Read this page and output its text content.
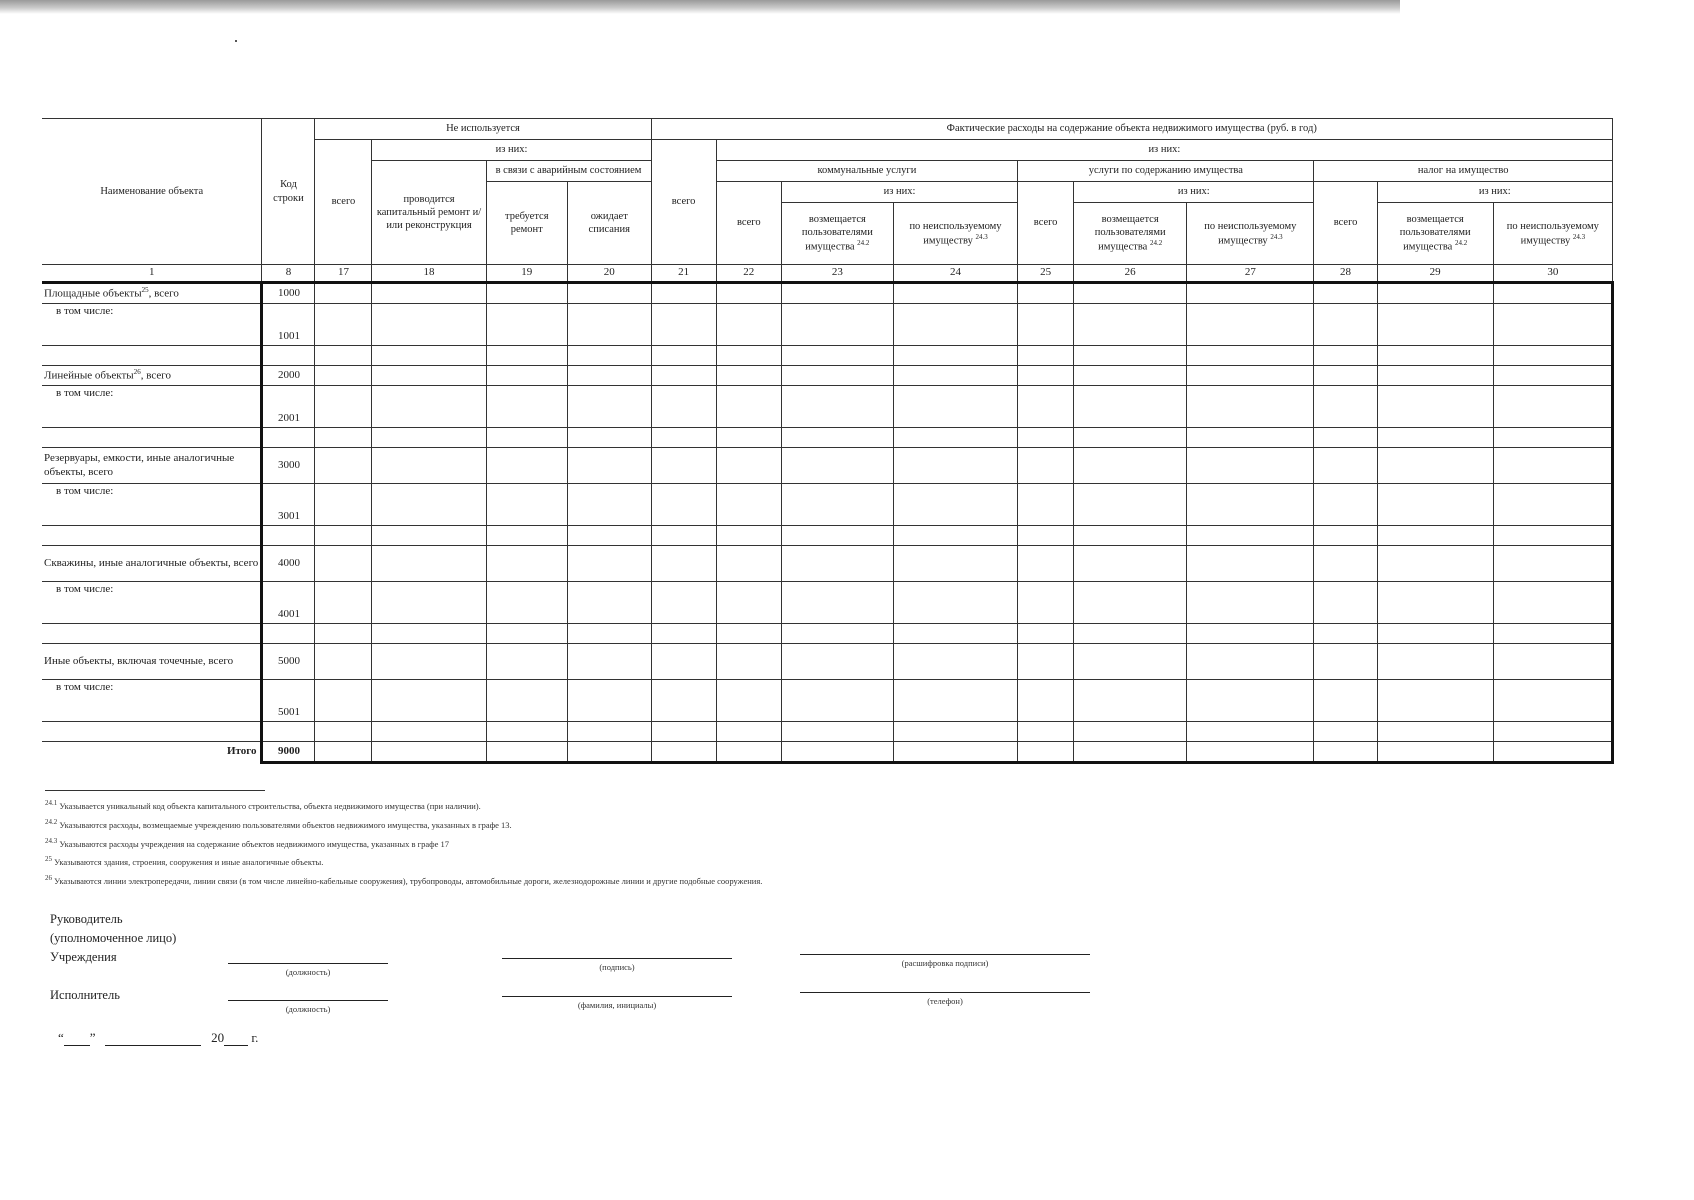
Наименование объекта	Код строки	Не используется				Фактические расходы на содержание объекта недвижимого имущества (руб. в год)									
		всего	из них:			всего	из них:								
			проводится капитальный ремонт и/или реконструкция	в связи с аварийным состоянием			коммунальные услуги			услуги по содержанию имущества			налог на имущество		
				требуется ремонт	ожидает списания		всего	из них:		всего	из них:		всего	из них:	
								возмещается пользователями имущества $^{24.2}$	по неиспользуемому имуществу $^{24.3}$		возмещается пользователями имущества $^{24.2}$	по неиспользуемому имуществу $^{24.3}$		возмещается пользователями имущества $^{24.2}$	по неиспользуемому имуществу $^{24.3}$
1	8	17	18	19	20	21	22	23	24	25	26	27	28	29	30
Площадные объекты$^{25}$, всего	1000														
в том числе:	1001														

Линейные объекты$^{26}$, всего	2000														
в том числе:	2001														

Резервуары, емкости, иные аналогичные объекты, всего	3000														
в том числе:	3001														

Скважины, иные аналогичные объекты, всего	4000														
в том числе:	4001														

Иные объекты, включая точечные, всего	5000														
в том числе:	5001														

Итого	9000														
$^{24.1}$ Указывается уникальный код объекта капитального строительства, объекта недвижимого имущества (при наличии).
$^{24.2}$ Указываются расходы, возмещаемые учреждению пользователями объектов недвижимого имущества, указанных в графе 13.
$^{24.3}$ Указываются расходы учреждения на содержание объектов недвижимого имущества, указанных в графе 17
$^{25}$ Указываются здания, строения, сооружения и иные аналогичные объекты.
$^{26}$ Указываются линии электропередачи, линии связи (в том числе линейно-кабельные сооружения), трубопроводы, автомобильные дороги, железнодорожные линии и другие подобные сооружения.
Руководитель
(уполномоченное лицо)
Учреждения
Исполнитель
(должность)	(подпись)	(расшифровка подписи)
(должность)	(фамилия, инициалы)	(телефон)
“ ”	20 г.
